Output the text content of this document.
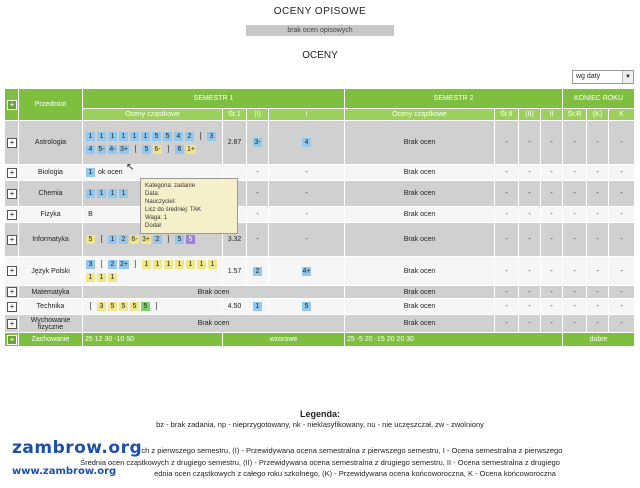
OCENY OPISOWE
brak ocen opisowych
OCENY
wg daty	▼
+	Przedmiot	SEMESTR 1				SEMESTR 2				KONIEC ROKU		
		Oceny cząstkowe	Śr.1	(I)	I	Oceny cząstkowe	Śr.II	(II)	II	Śr.R	(K)	K
+	Astrologia	1 1 1 1 1 1 5 5 4 2 [ 34 5- 4- 3+ [ 5 6- ] 6 1+	2.87	3-	4	Brak ocen	-	-	-	-	-	-
+	Biologia	1 ok ocen		-	-	Brak ocen	-	-	-	-	-	-
+	Chemia	1 1 1 1		-	-	Brak ocen	-	-	-	-	-	-
+	Fizyka	B		-	-	Brak ocen	-	-	-	-	-	-
+	Informatyka	5 [ 1 2 6- 3+ 2 ] 5 5	3.32	-	-	Brak ocen	-	-	-	-	-	-
+	Język Polski	3 [ 2 2+ ] 1 1 1 1 1 1 11 1 1	1.57	2	4+	Brak ocen	-	-	-	-	-	-
+	Matematyka	Brak ocen				Brak ocen	-	-	-	-	-	-
+	Technika	[ 3 5 5 5 5 ]	4.50	1	5	Brak ocen	-	-	-	-	-	-
+	Wychowanie fizyczne	Brak ocen				Brak ocen	-	-	-	-	-	-
+	Zachowanie	25 12 30 -10 50	wzorowe			25 -5 20 -15 20 20 30				dobre		
↖
Kategoria: zadanie
Data:
Nauczyciel:
Licz do średniej: TAK
Waga: 1
Dodał:
Legenda:
bz - brak zadania, np - nieprzygotowany, nk - nieklasyfikowany, nu - nie uczęszczał, zw - zwolniony
ych z pierwszego semestru, (I) - Przewidywana ocena semestralna z pierwszego semestru, I - Ocena semestralna z pierwszego
Średnia ocen cząstkowych z drugiego semestru, (II) - Przewidywana ocena semestralna z drugiego semestru, II - Ocena semestralna z drugiego
ednia ocen cząstkowych z całego roku szkolnego, (K) - Przewidywana ocena końcoworoczna, K - Ocena końcoworoczna
zambrow.org
www.zambrow.org
